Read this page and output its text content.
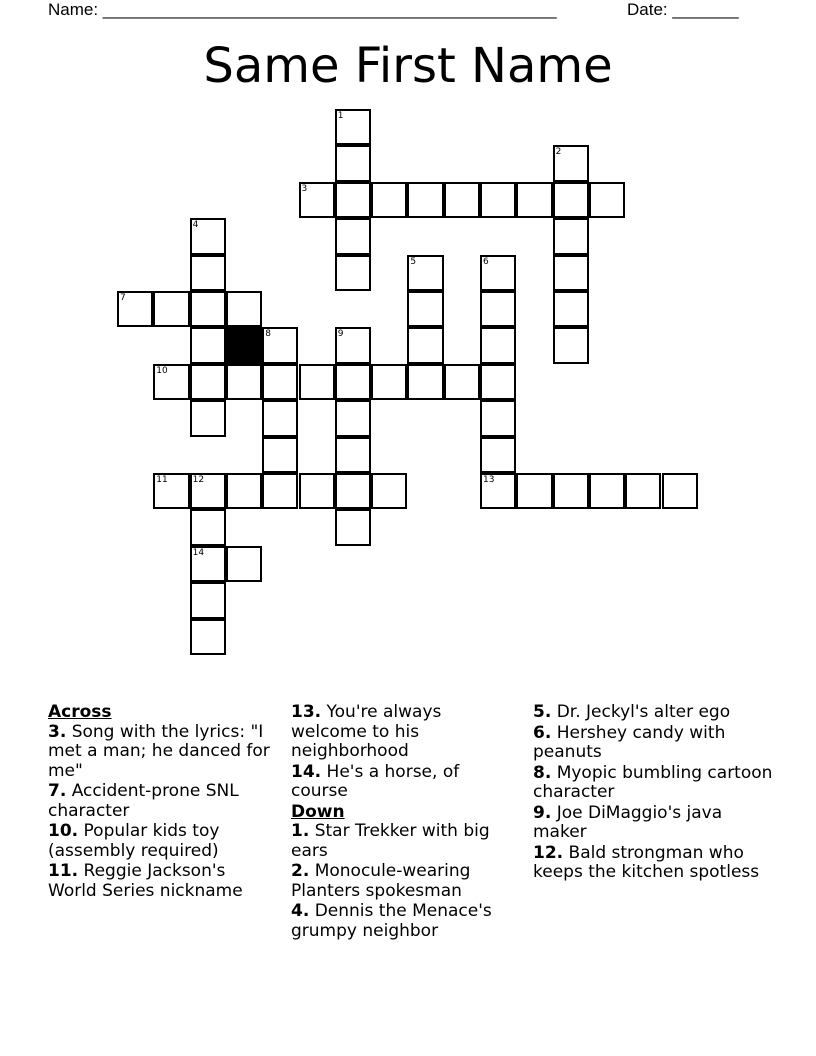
Name: ________________________________________________	Date: _______
Same First Name
1
2
3
4
5	6
13
7
8	9
10
11	12
14
Across
3. Song with the lyrics: "I met a man; he danced for me"
7. Accident-prone SNL character
10. Popular kids toy (assembly required)
11. Reggie Jackson's World Series nickname
13. You're always welcome to his neighborhood
14. He's a horse, of course
Down
1. Star Trekker with big ears
2. Monocule-wearing Planters spokesman
4. Dennis the Menace's grumpy neighbor
5. Dr. Jeckyl's alter ego
6. Hershey candy with peanuts
8. Myopic bumbling cartoon character
9. Joe DiMaggio's java maker
12. Bald strongman who keeps the kitchen spotless
